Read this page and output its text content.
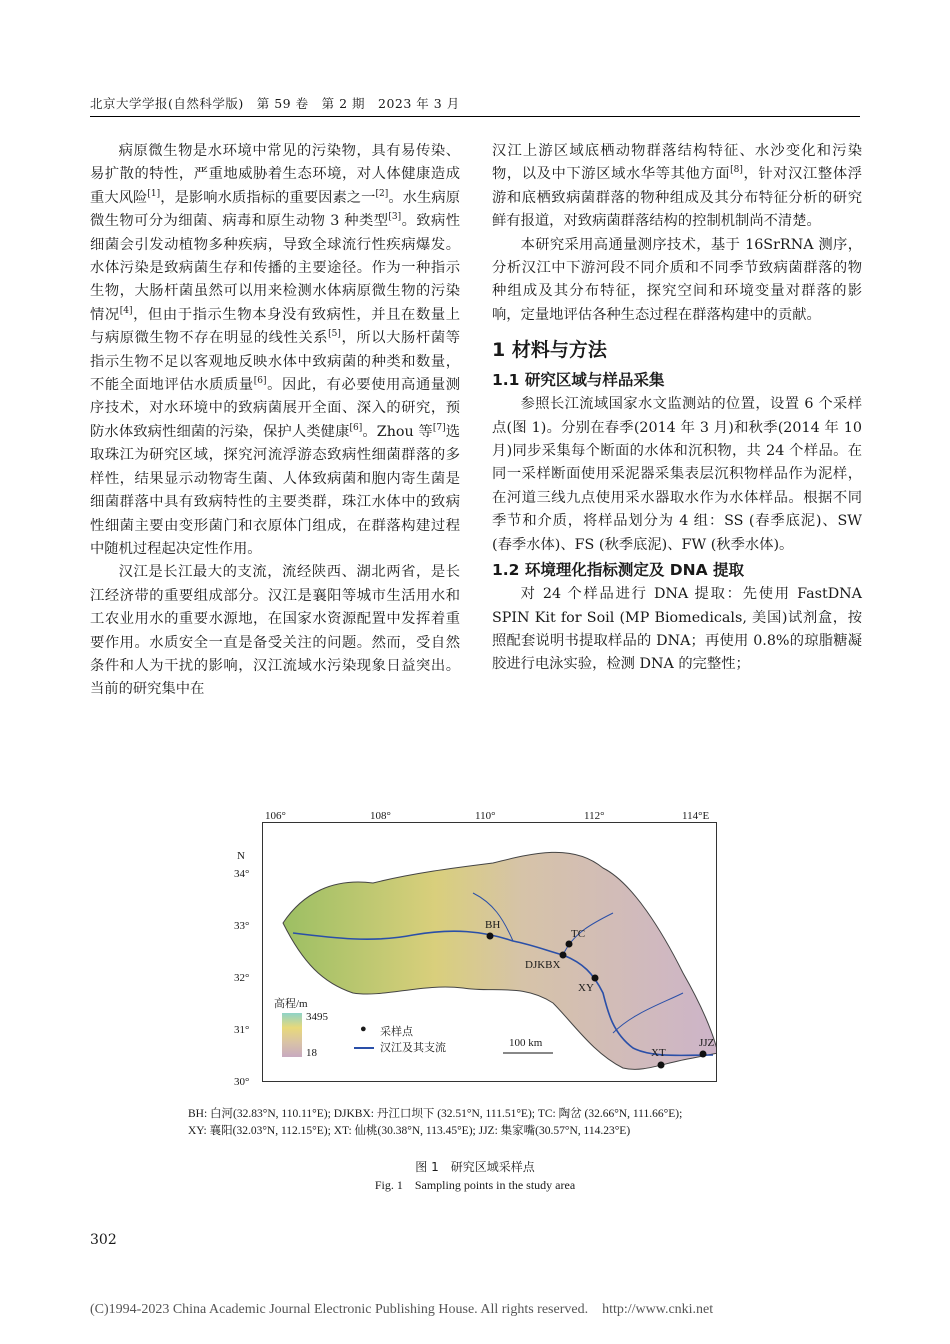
北京大学学报(自然科学版)　第 59 卷　第 2 期　2023 年 3 月

病原微生物是水环境中常见的污染物，具有易传染、易扩散的特性，严重地威胁着生态环境，对人体健康造成重大风险[1]，是影响水质指标的重要因素之一[2]。水生病原微生物可分为细菌、病毒和原生动物 3 种类型[3]。致病性细菌会引发动植物多种疾病，导致全球流行性疾病爆发。水体污染是致病菌生存和传播的主要途径。作为一种指示生物，大肠杆菌虽然可以用来检测水体病原微生物的污染情况[4]，但由于指示生物本身没有致病性，并且在数量上与病原微生物不存在明显的线性关系[5]，所以大肠杆菌等指示生物不足以客观地反映水体中致病菌的种类和数量，不能全面地评估水质质量[6]。因此，有必要使用高通量测序技术，对水环境中的致病菌展开全面、深入的研究，预防水体致病性细菌的污染，保护人类健康[6]。Zhou 等[7]选取珠江为研究区域，探究河流浮游态致病性细菌群落的多样性，结果显示动物寄生菌、人体致病菌和胞内寄生菌是细菌群落中具有致病特性的主要类群，珠江水体中的致病性细菌主要由变形菌门和衣原体门组成，在群落构建过程中随机过程起决定性作用。

汉江是长江最大的支流，流经陕西、湖北两省，是长江经济带的重要组成部分。汉江是襄阳等城市生活用水和工农业用水的重要水源地，在国家水资源配置中发挥着重要作用。水质安全一直是备受关注的问题。然而，受自然条件和人为干扰的影响，汉江流域水污染现象日益突出。当前的研究集中在

汉江上游区域底栖动物群落结构特征、水沙变化和污染物，以及中下游区域水华等其他方面[8]，针对汉江整体浮游和底栖致病菌群落的物种组成及其分布特征分析的研究鲜有报道，对致病菌群落结构的控制机制尚不清楚。

本研究采用高通量测序技术，基于 16SrRNA 测序，分析汉江中下游河段不同介质和不同季节致病菌群落的物种组成及其分布特征，探究空间和环境变量对群落的影响，定量地评估各种生态过程在群落构建中的贡献。

1 材料与方法

1.1 研究区域与样品采集

参照长江流域国家水文监测站的位置，设置 6 个采样点(图 1)。分别在春季(2014 年 3 月)和秋季(2014 年 10 月)同步采集每个断面的水体和沉积物，共 24 个样品。在同一采样断面使用采泥器采集表层沉积物样品作为泥样，在河道三线九点使用采水器取水作为水体样品。根据不同季节和介质，将样品划分为 4 组：SS (春季底泥)、SW (春季水体)、FS (秋季底泥)、FW (秋季水体)。

1.2 环境理化指标测定及 DNA 提取

对 24 个样品进行 DNA 提取：先使用 FastDNA SPIN Kit for Soil (MP Biomedicals, 美国)试剂盒，按照配套说明书提取样品的 DNA；再使用 0.8%的琼脂糖凝胶进行电泳实验，检测 DNA 的完整性；

106°	108°	110°	112°	114°E
N
34°
33°
32°
31°
30°
BH
TC
DJKBX
XY
XT
JJZ
100 km
高程/m
3495
18
● 采样点
汉江及其支流
BH: 白河(32.83°N, 110.11°E); DJKBX: 丹江口坝下 (32.51°N, 111.51°E); TC: 陶岔 (32.66°N, 111.66°E);
XY: 襄阳(32.03°N, 112.15°E); XT: 仙桃(30.38°N, 113.45°E); JJZ: 集家嘴(30.57°N, 114.23°E)
图 1　研究区域采样点
Fig. 1　Sampling points in the study area
302
(C)1994-2023 China Academic Journal Electronic Publishing House. All rights reserved.　http://www.cnki.net
